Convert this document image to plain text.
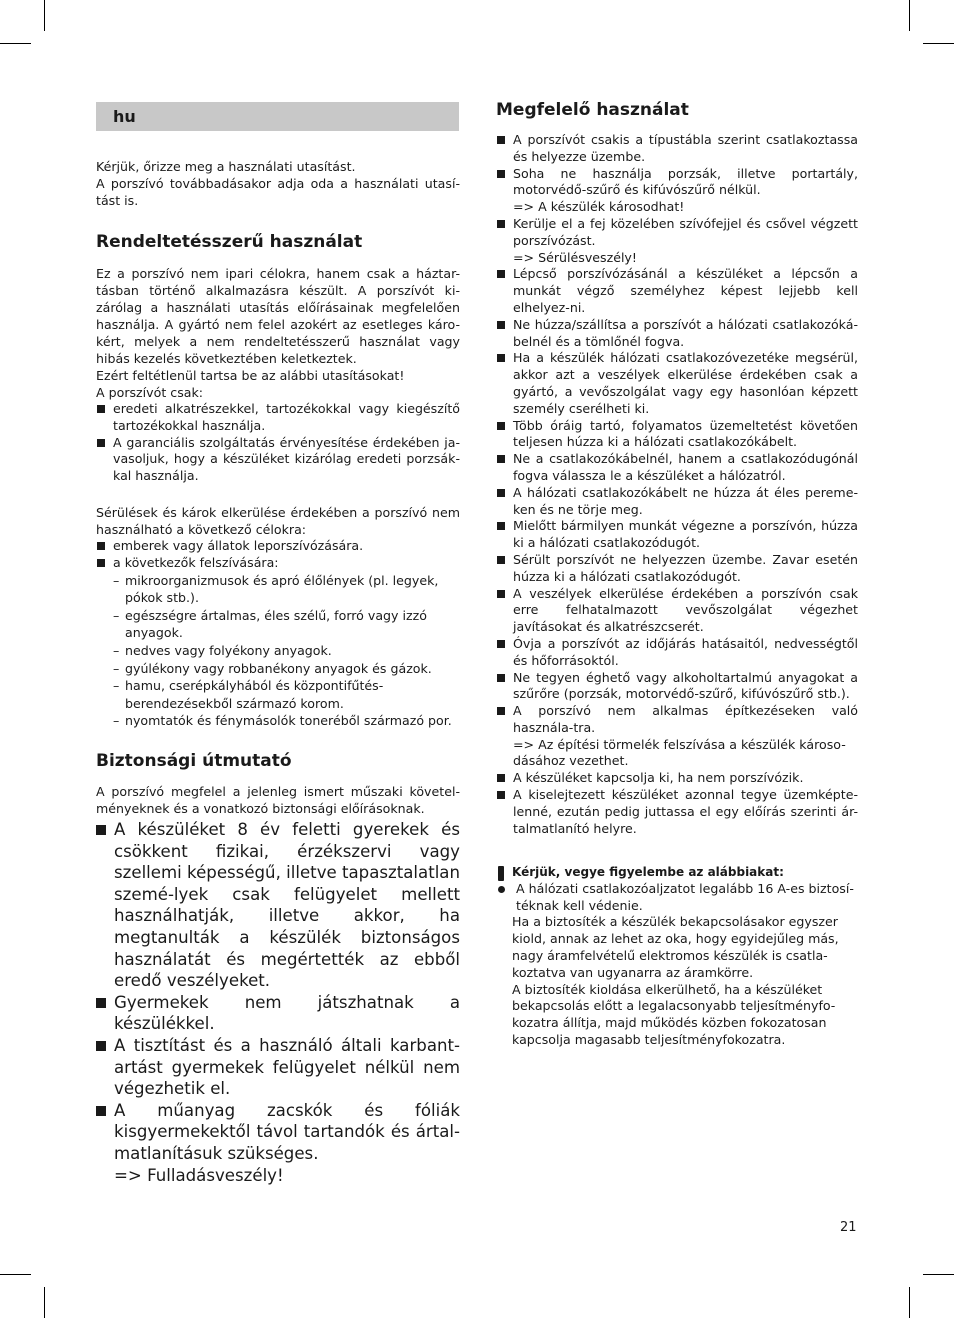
hu

Kérjük, őrizze meg a használati utasítást.

A porszívó továbbadásakor adja oda a használati utasí-tást is.

Rendeltetésszerű használat

Ez a porszívó nem ipari célokra, hanem csak a háztar-tásban történő alkalmazásra készült. A porszívót ki-zárólag a használati utasítás előírásainak megfelelően használja. A gyártó nem felel azokért az esetleges káro-kért, melyek a nem rendeltetésszerű használat vagy hibás kezelés következtében keletkeztek.

Ezért feltétlenül tartsa be az alábbi utasításokat!

A porszívót csak:

eredeti alkatrészekkel, tartozékokkal vagy kiegészítő tartozékokkal használja.
A garanciális szolgáltatás érvényesítése érdekében ja-vasoljuk, hogy a készüléket kizárólag eredeti porzsák-kal használja.

Sérülések és károk elkerülése érdekében a porszívó nem használható a következő célokra:

emberek vagy állatok leporszívózására.
a következők felszívására:
– mikroorganizmusok és apró élőlények (pl. legyek, pókok stb.).
– egészségre ártalmas, éles szélű, forró vagy izzó anyagok.
– nedves vagy folyékony anyagok.
– gyúlékony vagy robbanékony anyagok és gázok.
– hamu, cserépkályhából és központifűtés-berendezésekből származó korom.
– nyomtatók és fénymásolók toneréből származó por.
Biztonsági útmutató

A porszívó megfelel a jelenleg ismert műszaki követel-ményeknek és a vonatkozó biztonsági előírásoknak.

A készüléket 8 év feletti gyerekek és csökkent fizikai, érzékszervi vagy szellemi képességű, illetve tapasztalatlan szemé-lyek csak felügyelet mellett használhatják, illetve akkor, ha megtanulták a készülék biztonságos használatát és megértették az ebből eredő veszélyeket.
Gyermekek nem játszhatnak a készülékkel.
A tisztítást és a használó általi karbant-artást gyermekek felügyelet nélkül nem végezhetik el.
A műanyag zacskók és fóliák kisgyermekektől távol tartandók és ártal-matlanításuk szükséges.
=> Fulladásveszély!
Megfelelő használat
A porszívót csakis a típustábla szerint csatlakoztassa és helyezze üzembe.
Soha ne használja porzsák, illetve portartály, motorvédő-szűrő és kifúvószűrő nélkül.
=> A készülék károsodhat!
Kerülje el a fej közelében szívófejjel és csővel végzett porszívózást.
=> Sérülésveszély!
Lépcső porszívózásánál a készüléket a lépcsőn a munkát végző személyhez képest lejjebb kell elhelyez-ni.
Ne húzza/szállítsa a porszívót a hálózati csatlakozóká-belnél és a tömlőnél fogva.
Ha a készülék hálózati csatlakozóvezetéke megsérül, akkor azt a veszélyek elkerülése érdekében csak a gyártó, a vevőszolgálat vagy egy hasonlóan képzett személy cserélheti ki.
Több óráig tartó, folyamatos üzemeltetést követően teljesen húzza ki a hálózati csatlakozókábelt.
Ne a csatlakozókábelnél, hanem a csatlakozódugónál fogva válassza le a készüléket a hálózatról.
A hálózati csatlakozókábelt ne húzza át éles pereme-ken és ne törje meg.
Mielőtt bármilyen munkát végezne a porszívón, húzza ki a hálózati csatlakozódugót.
Sérült porszívót ne helyezzen üzembe. Zavar esetén húzza ki a hálózati csatlakozódugót.
A veszélyek elkerülése érdekében a porszívón csak erre felhatalmazott vevőszolgálat végezhet javításokat és alkatrészcserét.
Óvja a porszívót az időjárás hatásaitól, nedvességtől és hőforrásoktól.
Ne tegyen éghető vagy alkoholtartalmú anyagokat a szűrőre (porzsák, motorvédő-szűrő, kifúvószűrő stb.).
A porszívó nem alkalmas építkezéseken való használa-tra.
=> Az építési törmelék felszívása a készülék károso-dásához vezethet.
A készüléket kapcsolja ki, ha nem porszívózik.
A kiselejtezett készüléket azonnal tegye üzemképte-lenné, ezután pedig juttassa el egy előírás szerinti ár-talmatlanító helyre.
Kérjük, vegye figyelembe az alábbiakat:
A hálózati csatlakozóaljzatot legalább 16 A-es biztosí-téknak kell védenie.
Ha a biztosíték a készülék bekapcsolásakor egyszer kiold, annak az lehet az oka, hogy egyidejűleg más, nagy áramfelvételű elektromos készülék is csatla-koztatva van ugyanarra az áramkörre.
A biztosíték kioldása elkerülhető, ha a készüléket bekapcsolás előtt a legalacsonyabb teljesítményfo-kozatra állítja, majd működés közben fokozatosan kapcsolja magasabb teljesítményfokozatra.
21
